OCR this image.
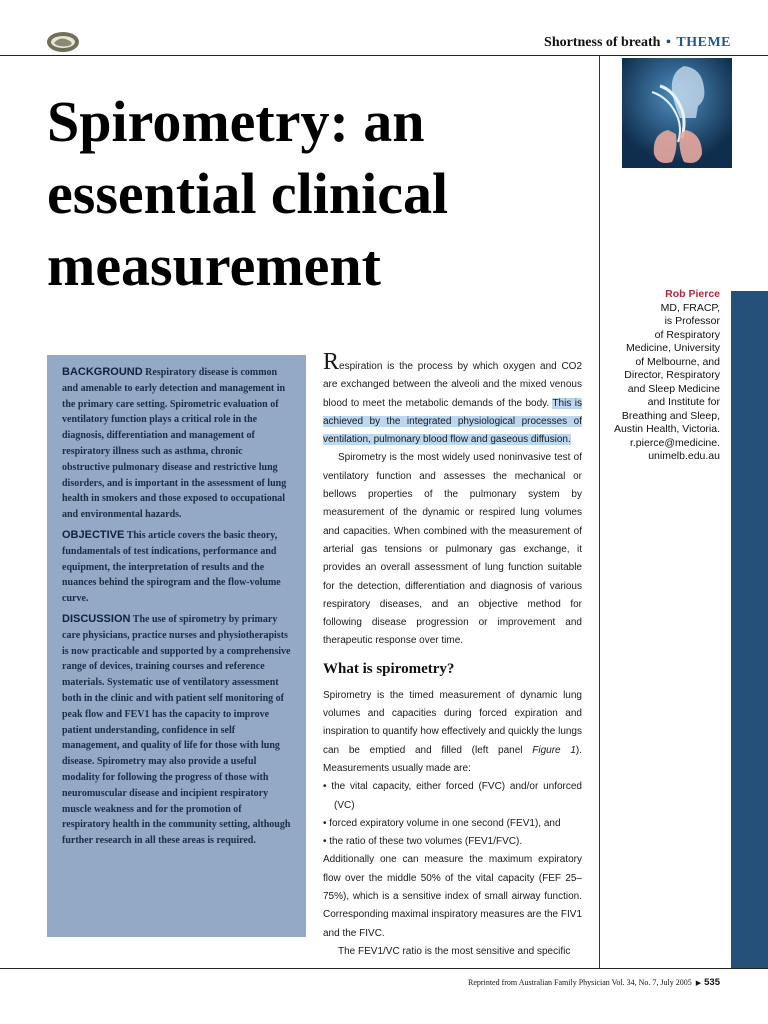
Shortness of breath • THEME
Spirometry: an
essential clinical
measurement	Rob Pierce
MD, FRACP,
is Professor
of Respiratory
Medicine, University
of Melbourne, and
Director, Respiratory
and Sleep Medicine
and Institute for
Breathing and Sleep,
Austin Health, Victoria.
r.pierce@medicine.
unimelb.edu.au

BACKGROUND Respiratory disease is common and amenable to early detection and management in the primary care setting. Spirometric evaluation of ventilatory function plays a critical role in the diagnosis, differentiation and management of respiratory illness such as asthma, chronic obstructive pulmonary disease and restrictive lung disorders, and is important in the assessment of lung health in smokers and those exposed to occupational and environmental hazards.

OBJECTIVE This article covers the basic theory, fundamentals of test indications, performance and equipment, the interpretation of results and the nuances behind the spirogram and the flow-volume curve.

DISCUSSION The use of spirometry by primary care physicians, practice nurses and physiotherapists is now practicable and supported by a comprehensive range of devices, training courses and reference materials. Systematic use of ventilatory assessment both in the clinic and with patient self monitoring of peak flow and FEV1 has the capacity to improve patient understanding, confidence in self management, and quality of life for those with lung disease. Spirometry may also provide a useful modality for following the progress of those with neuromuscular disease and incipient respiratory muscle weakness and for the promotion of respiratory health in the community setting, although further research in all these areas is required.

Respiration is the process by which oxygen and CO2 are exchanged between the alveoli and the mixed venous blood to meet the metabolic demands of the body. This is achieved by the integrated physiological processes of ventilation, pulmonary blood flow and gaseous diffusion.

Spirometry is the most widely used noninvasive test of ventilatory function and assesses the mechanical or bellows properties of the pulmonary system by measurement of the dynamic or respired lung volumes and capacities. When combined with the measurement of arterial gas tensions or pulmonary gas exchange, it provides an overall assessment of lung function suitable for the detection, differentiation and diagnosis of various respiratory diseases, and an objective method for following disease progression or improvement and therapeutic response over time.

What is spirometry?

Spirometry is the timed measurement of dynamic lung volumes and capacities during forced expiration and inspiration to quantify how effectively and quickly the lungs can be emptied and filled (left panel Figure 1). Measurements usually made are:

• the vital capacity, either forced (FVC) and/or unforced (VC)

• forced expiratory volume in one second (FEV1), and

• the ratio of these two volumes (FEV1/FVC).

Additionally one can measure the maximum expiratory flow over the middle 50% of the vital capacity (FEF 25–75%), which is a sensitive index of small airway function. Corresponding maximal inspiratory measures are the FIV1 and the FIVC.

The FEV1/VC ratio is the most sensitive and specific

Reprinted from Australian Family Physician Vol. 34, No. 7, July 2005 ▶ 535
